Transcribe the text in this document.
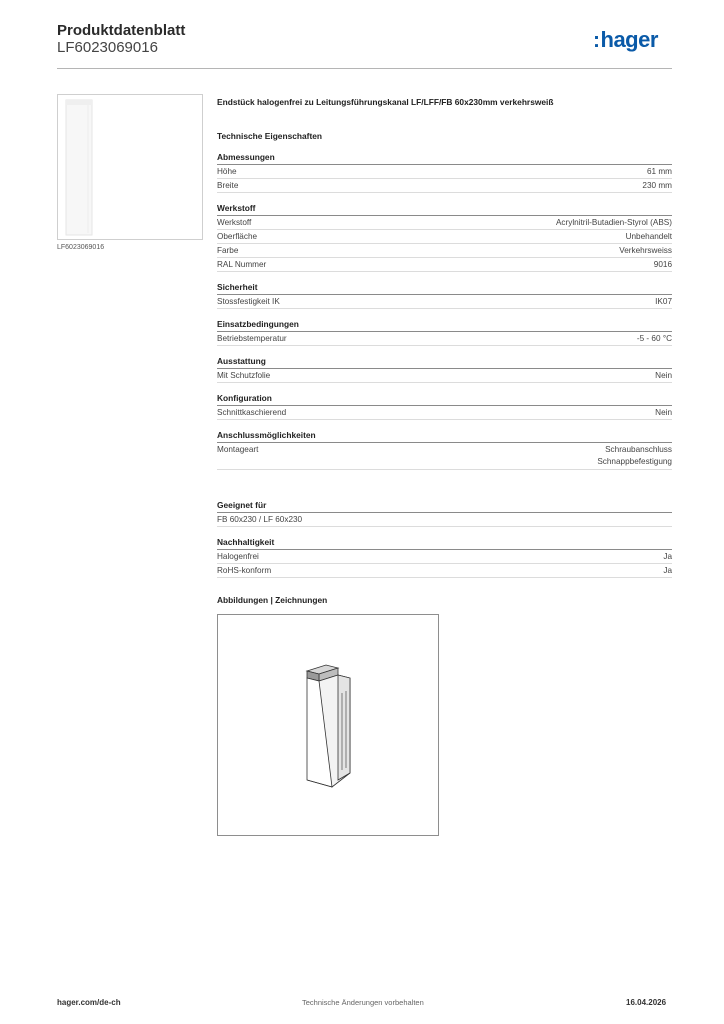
Produktdatenblatt
LF6023069016	:hager
LF6023069016
Endstück halogenfrei zu Leitungsführungskanal LF/LFF/FB 60x230mm verkehrsweiß
Technische Eigenschaften
Abmessungen
Höhe	61 mm
Breite	230 mm
Werkstoff
Werkstoff	Acrylnitril-Butadien-Styrol (ABS)
Oberfläche	Unbehandelt
Farbe	Verkehrsweiss
RAL Nummer	9016
Sicherheit
Stossfestigkeit IK	IK07
Einsatzbedingungen
Betriebstemperatur	-5 - 60 °C
Ausstattung
Mit Schutzfolie	Nein
Konfiguration
Schnittkaschierend	Nein
Anschlussmöglichkeiten
Montageart	Schraubanschluss
Schnappbefestigung
Geeignet für
FB 60x230 / LF 60x230
Nachhaltigkeit
Halogenfrei	Ja
RoHS-konform	Ja
Abbildungen | Zeichnungen
hager.com/de-ch	Technische Änderungen vorbehalten	16.04.2026
